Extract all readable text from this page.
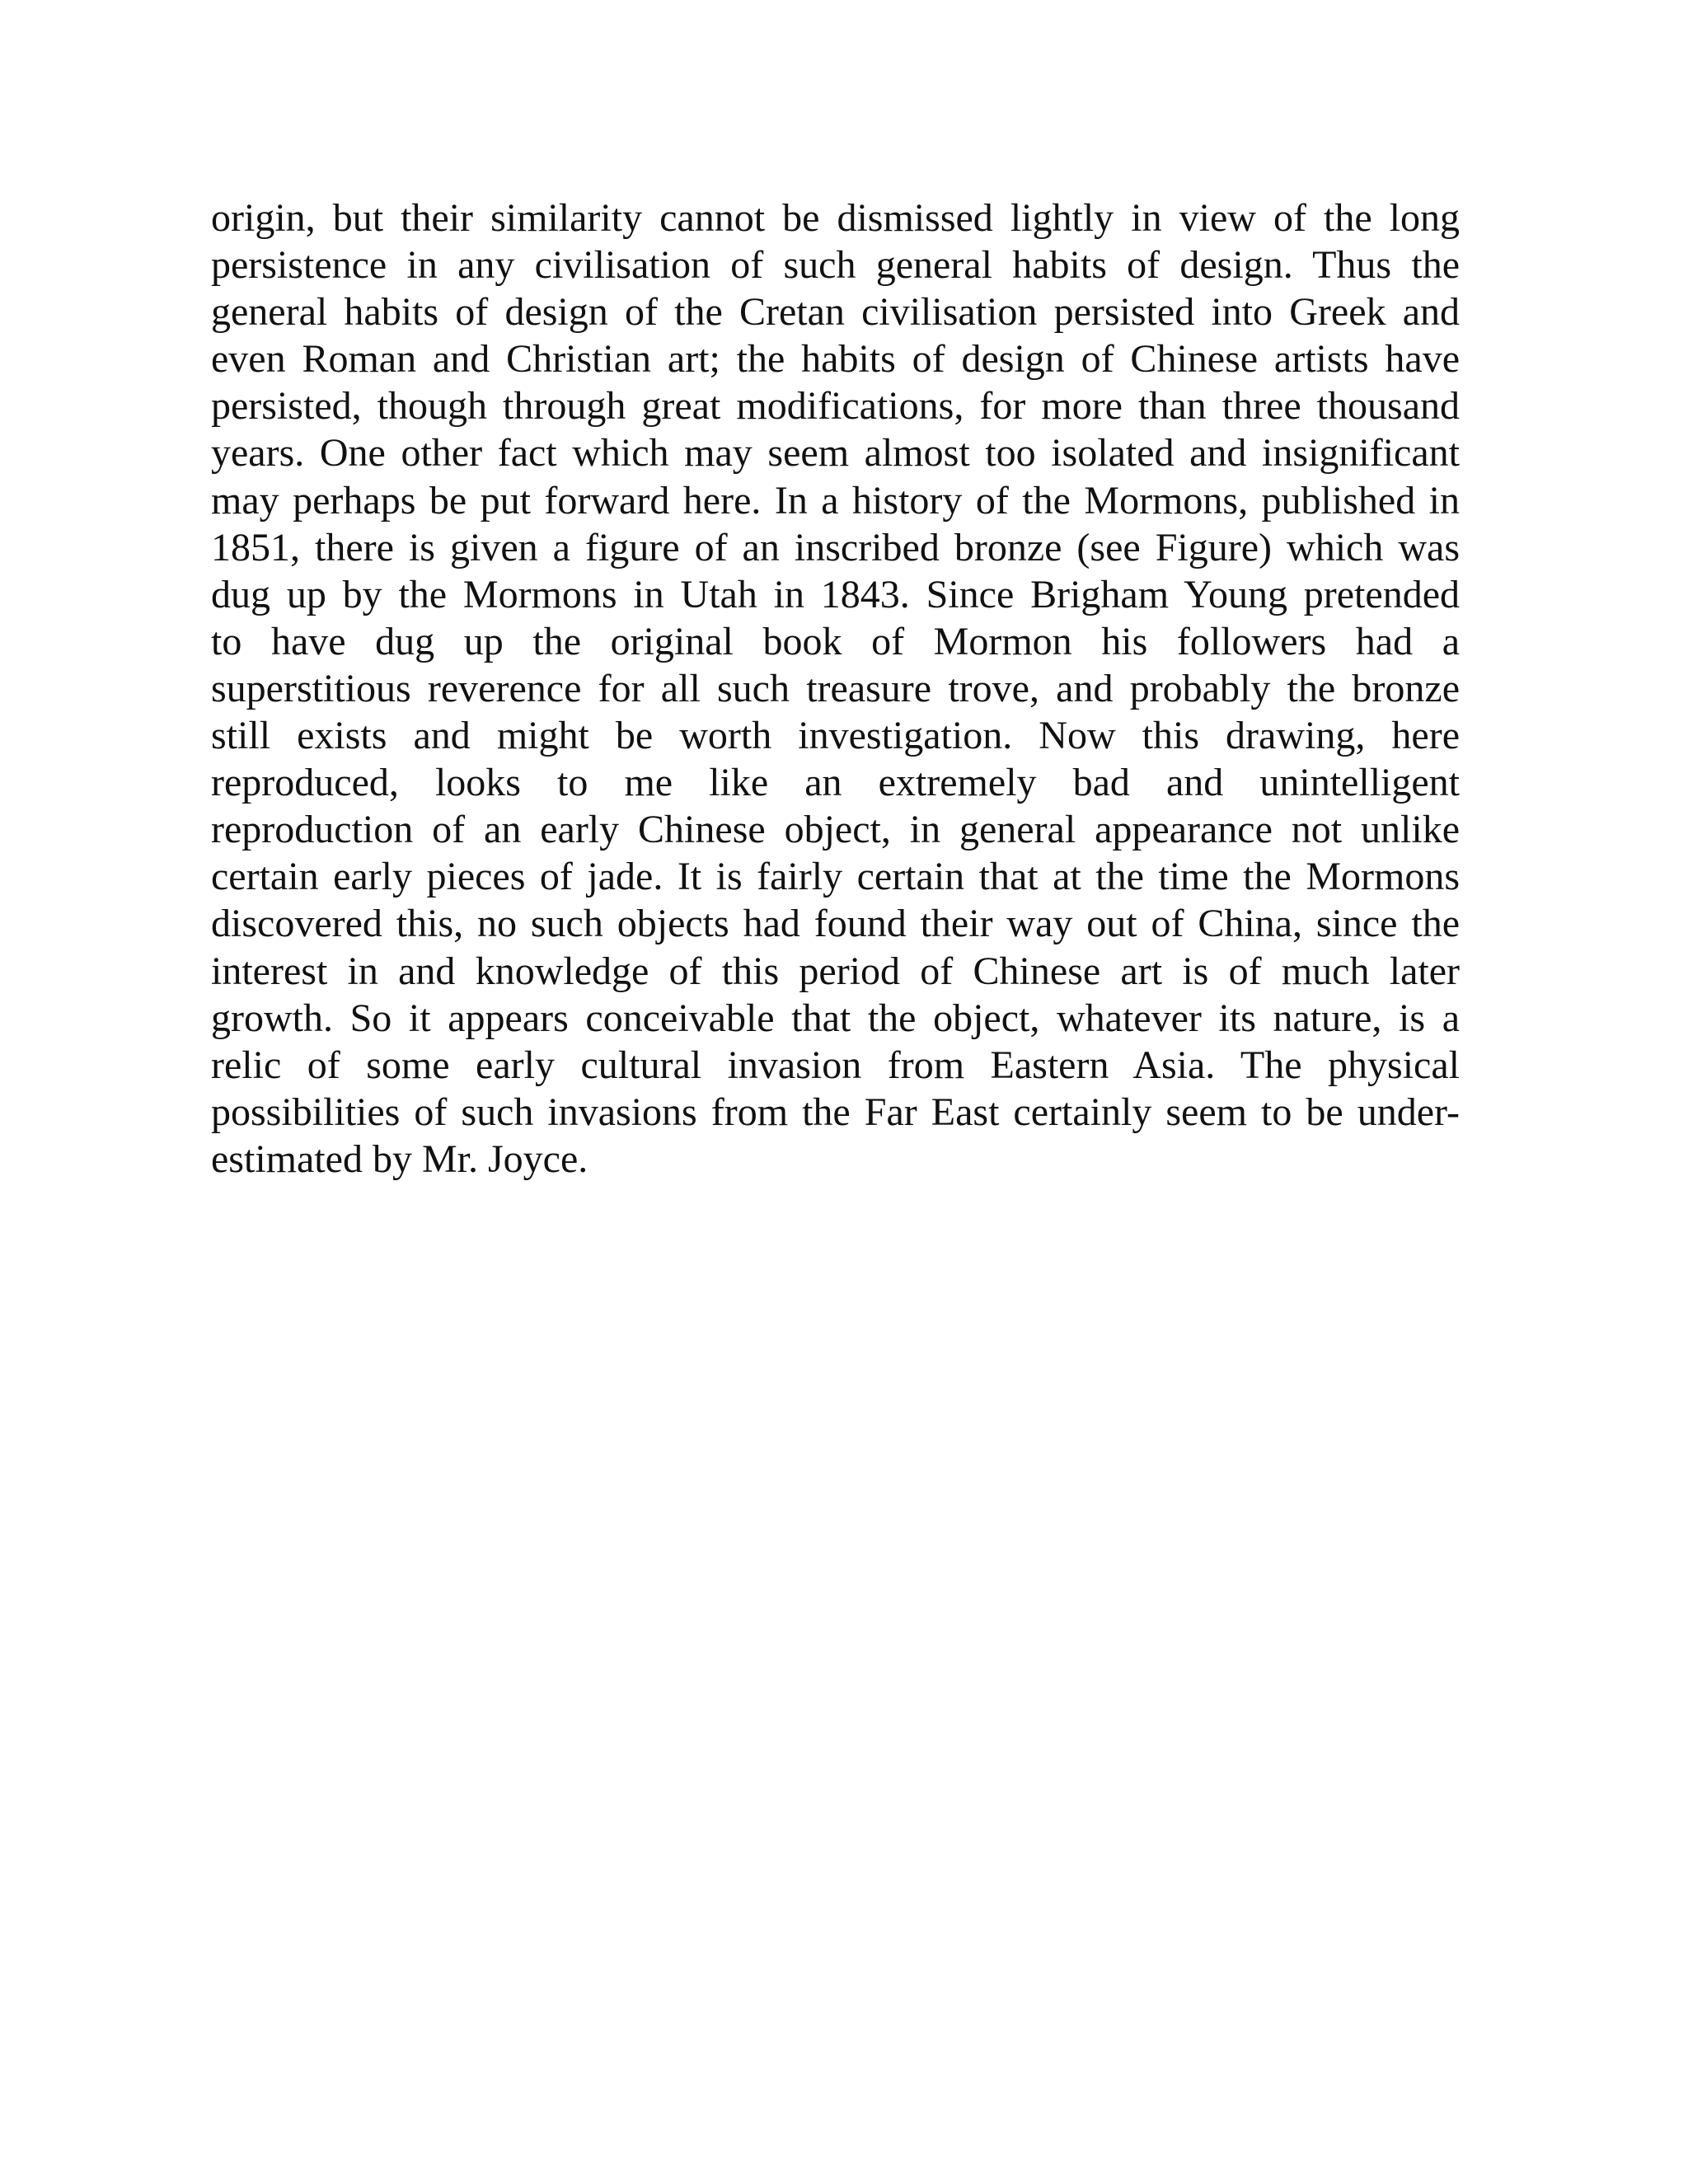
origin, but their similarity cannot be dismissed lightly in view of the long
persistence in any civilisation of such general habits of design. Thus the
general habits of design of the Cretan civilisation persisted into Greek and
even Roman and Christian art; the habits of design of Chinese artists have
persisted, though through great modifications, for more than three thousand
years. One other fact which may seem almost too isolated and insignificant
may perhaps be put forward here. In a history of the Mormons, published in
1851, there is given a figure of an inscribed bronze (see Figure) which was
dug up by the Mormons in Utah in 1843. Since Brigham Young pretended
to have dug up the original book of Mormon his followers had a
superstitious reverence for all such treasure trove, and probably the bronze
still exists and might be worth investigation. Now this drawing, here
reproduced, looks to me like an extremely bad and unintelligent
reproduction of an early Chinese object, in general appearance not unlike
certain early pieces of jade. It is fairly certain that at the time the Mormons
discovered this, no such objects had found their way out of China, since the
interest in and knowledge of this period of Chinese art is of much later
growth. So it appears conceivable that the object, whatever its nature, is a
relic of some early cultural invasion from Eastern Asia. The physical
possibilities of such invasions from the Far East certainly seem to be under-
estimated by Mr. Joyce.
